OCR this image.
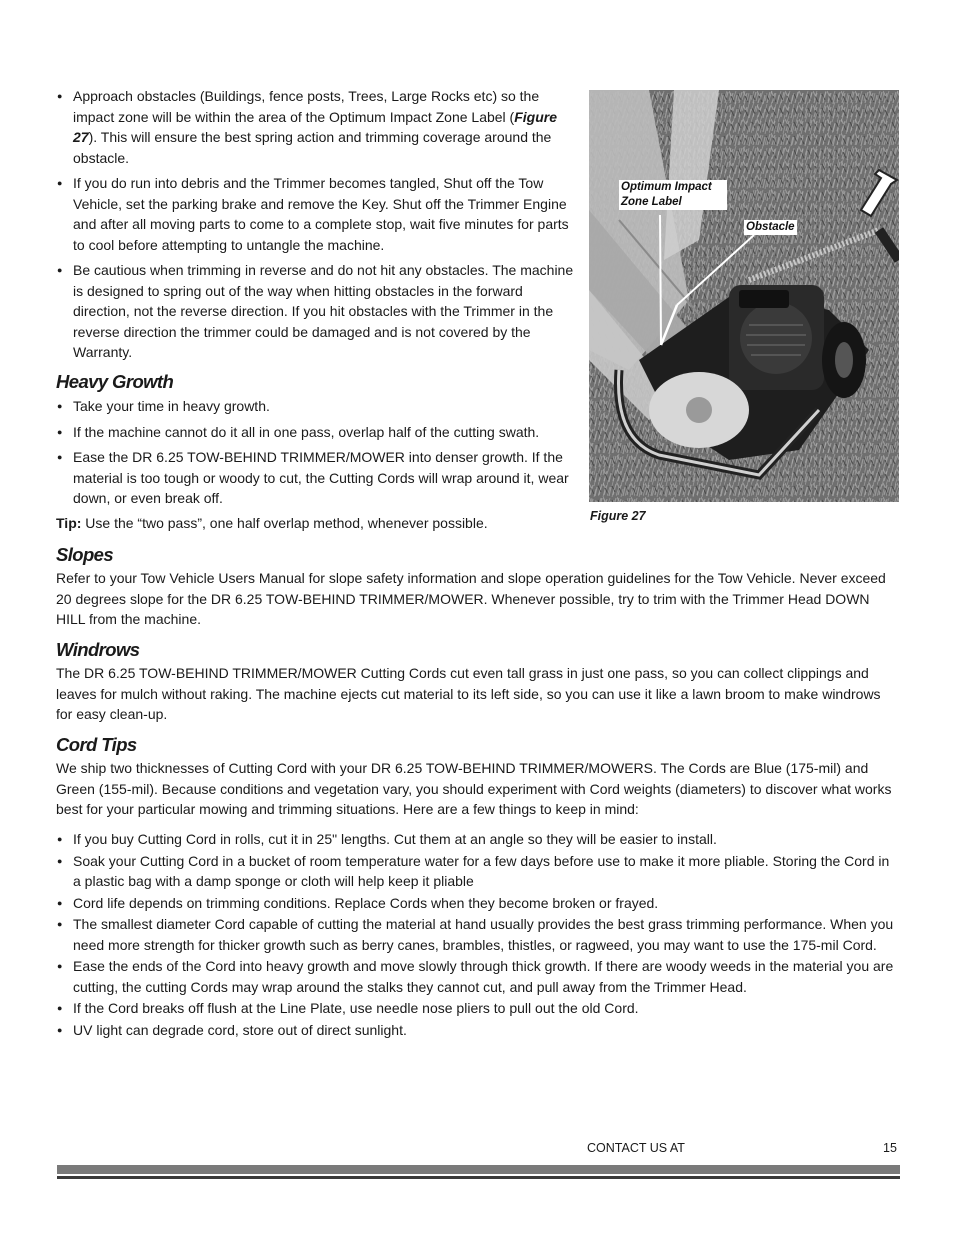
● Approach obstacles (Buildings, fence posts, Trees, Large Rocks etc) so the impact zone will be within the area of the Optimum Impact Zone Label (Figure 27). This will ensure the best spring action and trimming coverage around the obstacle.
● If you do run into debris and the Trimmer becomes tangled, Shut off the Tow Vehicle, set the parking brake and remove the Key. Shut off the Trimmer Engine and after all moving parts to come to a complete stop, wait five minutes for parts to cool before attempting to untangle the machine.
● Be cautious when trimming in reverse and do not hit any obstacles. The machine is designed to spring out of the way when hitting obstacles in the forward direction, not the reverse direction. If you hit obstacles with the Trimmer in the reverse direction the trimmer could be damaged and is not covered by the Warranty.
Heavy Growth
● Take your time in heavy growth.
● If the machine cannot do it all in one pass, overlap half of the cutting swath.
● Ease the DR 6.25 TOW-BEHIND TRIMMER/MOWER into denser growth. If the material is too tough or woody to cut, the Cutting Cords will wrap around it, wear down, or even break off.

Tip: Use the “two pass”, one half overlap method, whenever possible.

Optimum Impact Zone Label
Obstacle
Figure 27
Slopes

Refer to your Tow Vehicle Users Manual for slope safety information and slope operation guidelines for the Tow Vehicle. Never exceed 20 degrees slope for the DR 6.25 TOW-BEHIND TRIMMER/MOWER. Whenever possible, try to trim with the Trimmer Head DOWN HILL from the machine.

Windrows

The DR 6.25 TOW-BEHIND TRIMMER/MOWER Cutting Cords cut even tall grass in just one pass, so you can collect clippings and leaves for mulch without raking. The machine ejects cut material to its left side, so you can use it like a lawn broom to make windrows for easy clean-up.

Cord Tips

We ship two thicknesses of Cutting Cord with your DR 6.25 TOW-BEHIND TRIMMER/MOWERS. The Cords are Blue (175-mil) and Green (155-mil). Because conditions and vegetation vary, you should experiment with Cord weights (diameters) to discover what works best for your particular mowing and trimming situations. Here are a few things to keep in mind:

● If you buy Cutting Cord in rolls, cut it in 25" lengths. Cut them at an angle so they will be easier to install.
● Soak your Cutting Cord in a bucket of room temperature water for a few days before use to make it more pliable. Storing the Cord in a plastic bag with a damp sponge or cloth will help keep it pliable
● Cord life depends on trimming conditions. Replace Cords when they become broken or frayed.
● The smallest diameter Cord capable of cutting the material at hand usually provides the best grass trimming performance. When you need more strength for thicker growth such as berry canes, brambles, thistles, or ragweed, you may want to use the 175-mil Cord.
● Ease the ends of the Cord into heavy growth and move slowly through thick growth. If there are woody weeds in the material you are cutting, the cutting Cords may wrap around the stalks they cannot cut, and pull away from the Trimmer Head.
● If the Cord breaks off flush at the Line Plate, use needle nose pliers to pull out the old Cord.
● UV light can degrade cord, store out of direct sunlight.
CONTACT US AT	15
